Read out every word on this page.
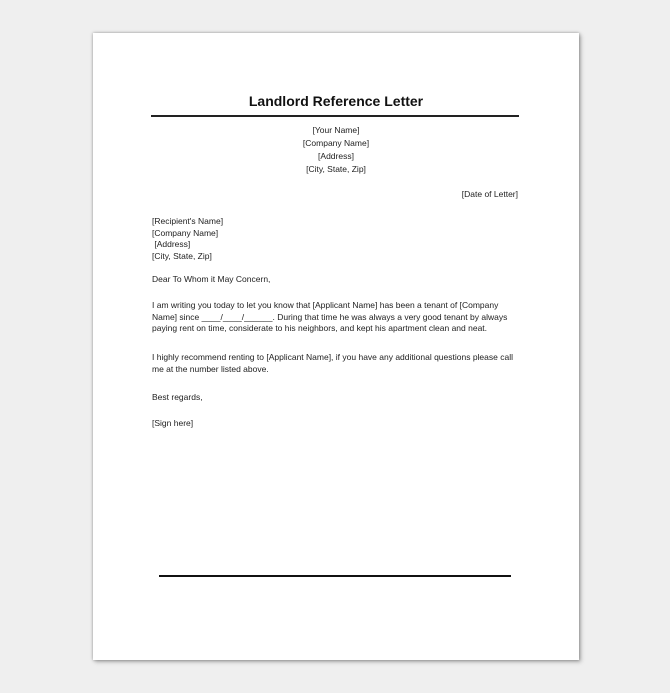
Landlord Reference Letter
[Your Name]
[Company Name]
[Address]
[City, State, Zip]
[Date of Letter]
[Recipient's Name]
[Company Name]
[Address]
[City, State, Zip]
Dear To Whom it May Concern,
I am writing you today to let you know that [Applicant Name] has been a tenant of [Company Name] since ____/____/______. During that time he was always a very good tenant by always paying rent on time, considerate to his neighbors, and kept his apartment clean and neat.
I highly recommend renting to [Applicant Name], if you have any additional questions please call me at the number listed above.
Best regards,
[Sign here]
